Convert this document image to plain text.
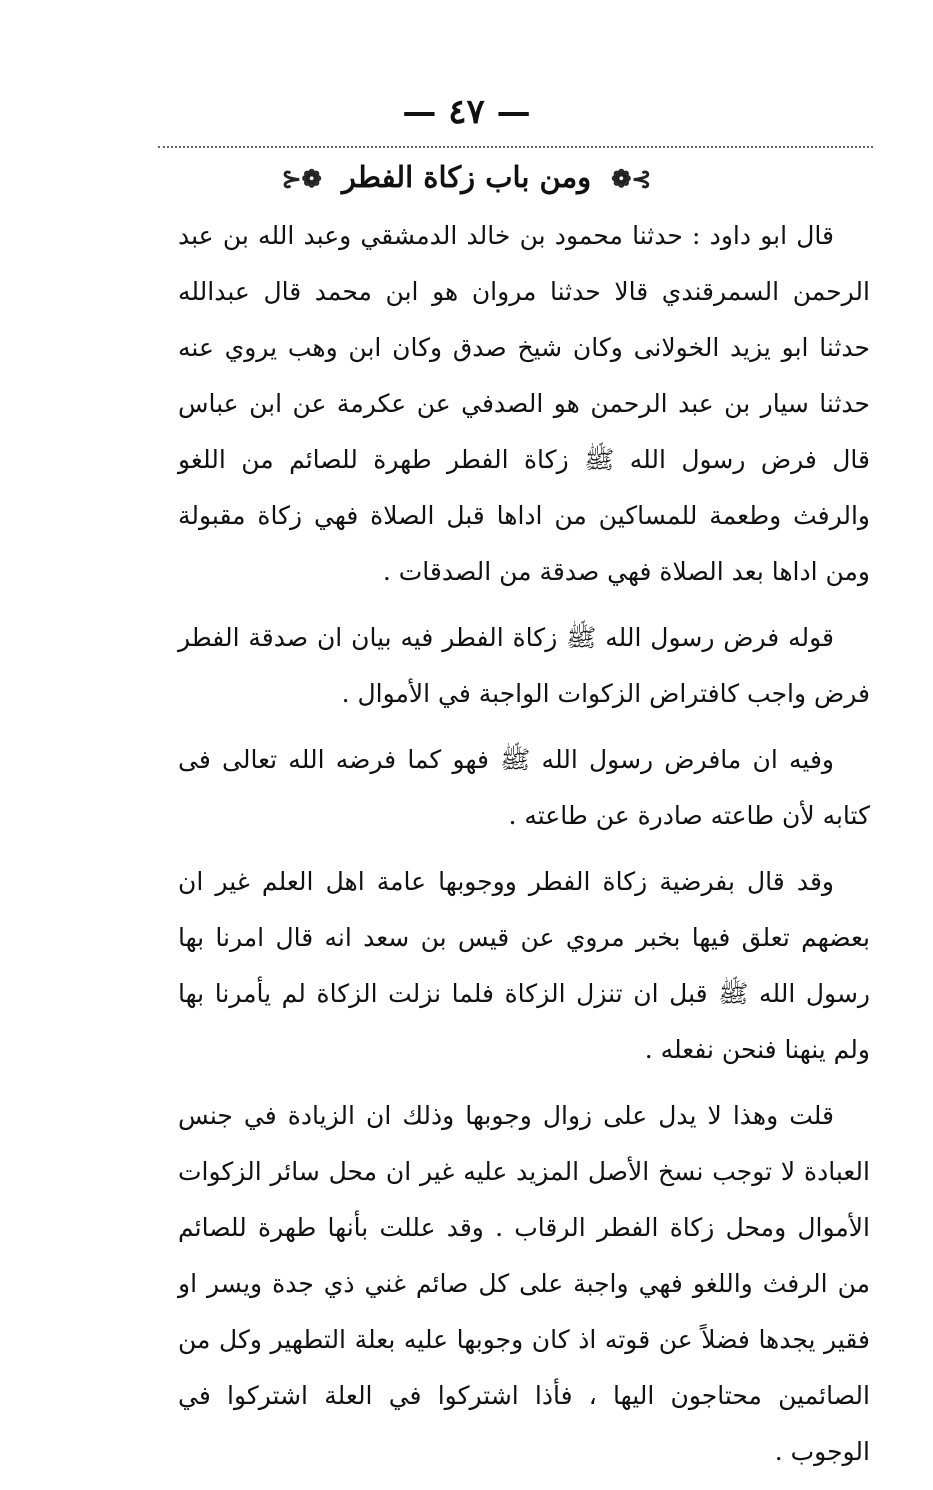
— ٤٧ —
⊱❁ ومن باب زكاة الفطر ❁⊰

قال ابو داود : حدثنا محمود بن خالد الدمشقي وعبد الله بن عبد الرحمن السمرقندي قالا حدثنا مروان هو ابن محمد قال عبدالله حدثنا ابو يزيد الخولانى وكان شيخ صدق وكان ابن وهب يروي عنه حدثنا سيار بن عبد الرحمن هو الصدفي عن عكرمة عن ابن عباس قال فرض رسول الله ﷺ زكاة الفطر طهرة للصائم من اللغو والرفث وطعمة للمساكين من اداها قبل الصلاة فهي زكاة مقبولة ومن اداها بعد الصلاة فهي صدقة من الصدقات .

قوله فرض رسول الله ﷺ زكاة الفطر فيه بيان ان صدقة الفطر فرض واجب كافتراض الزكوات الواجبة في الأموال .

وفيه ان مافرض رسول الله ﷺ فهو كما فرضه الله تعالى فى كتابه لأن طاعته صادرة عن طاعته .

وقد قال بفرضية زكاة الفطر ووجوبها عامة اهل العلم غير ان بعضهم تعلق فيها بخبر مروي عن قيس بن سعد انه قال امرنا بها رسول الله ﷺ قبل ان تنزل الزكاة فلما نزلت الزكاة لم يأمرنا بها ولم ينهنا فنحن نفعله .

قلت وهذا لا يدل على زوال وجوبها وذلك ان الزيادة في جنس العبادة لا توجب نسخ الأصل المزيد عليه غير ان محل سائر الزكوات الأموال ومحل زكاة الفطر الرقاب . وقد عللت بأنها طهرة للصائم من الرفث واللغو فهي واجبة على كل صائم غني ذي جدة ويسر او فقير يجدها فضلاً عن قوته اذ كان وجوبها عليه بعلة التطهير وكل من الصائمين محتاجون اليها ، فأذا اشتركوا في العلة اشتركوا في الوجوب .
